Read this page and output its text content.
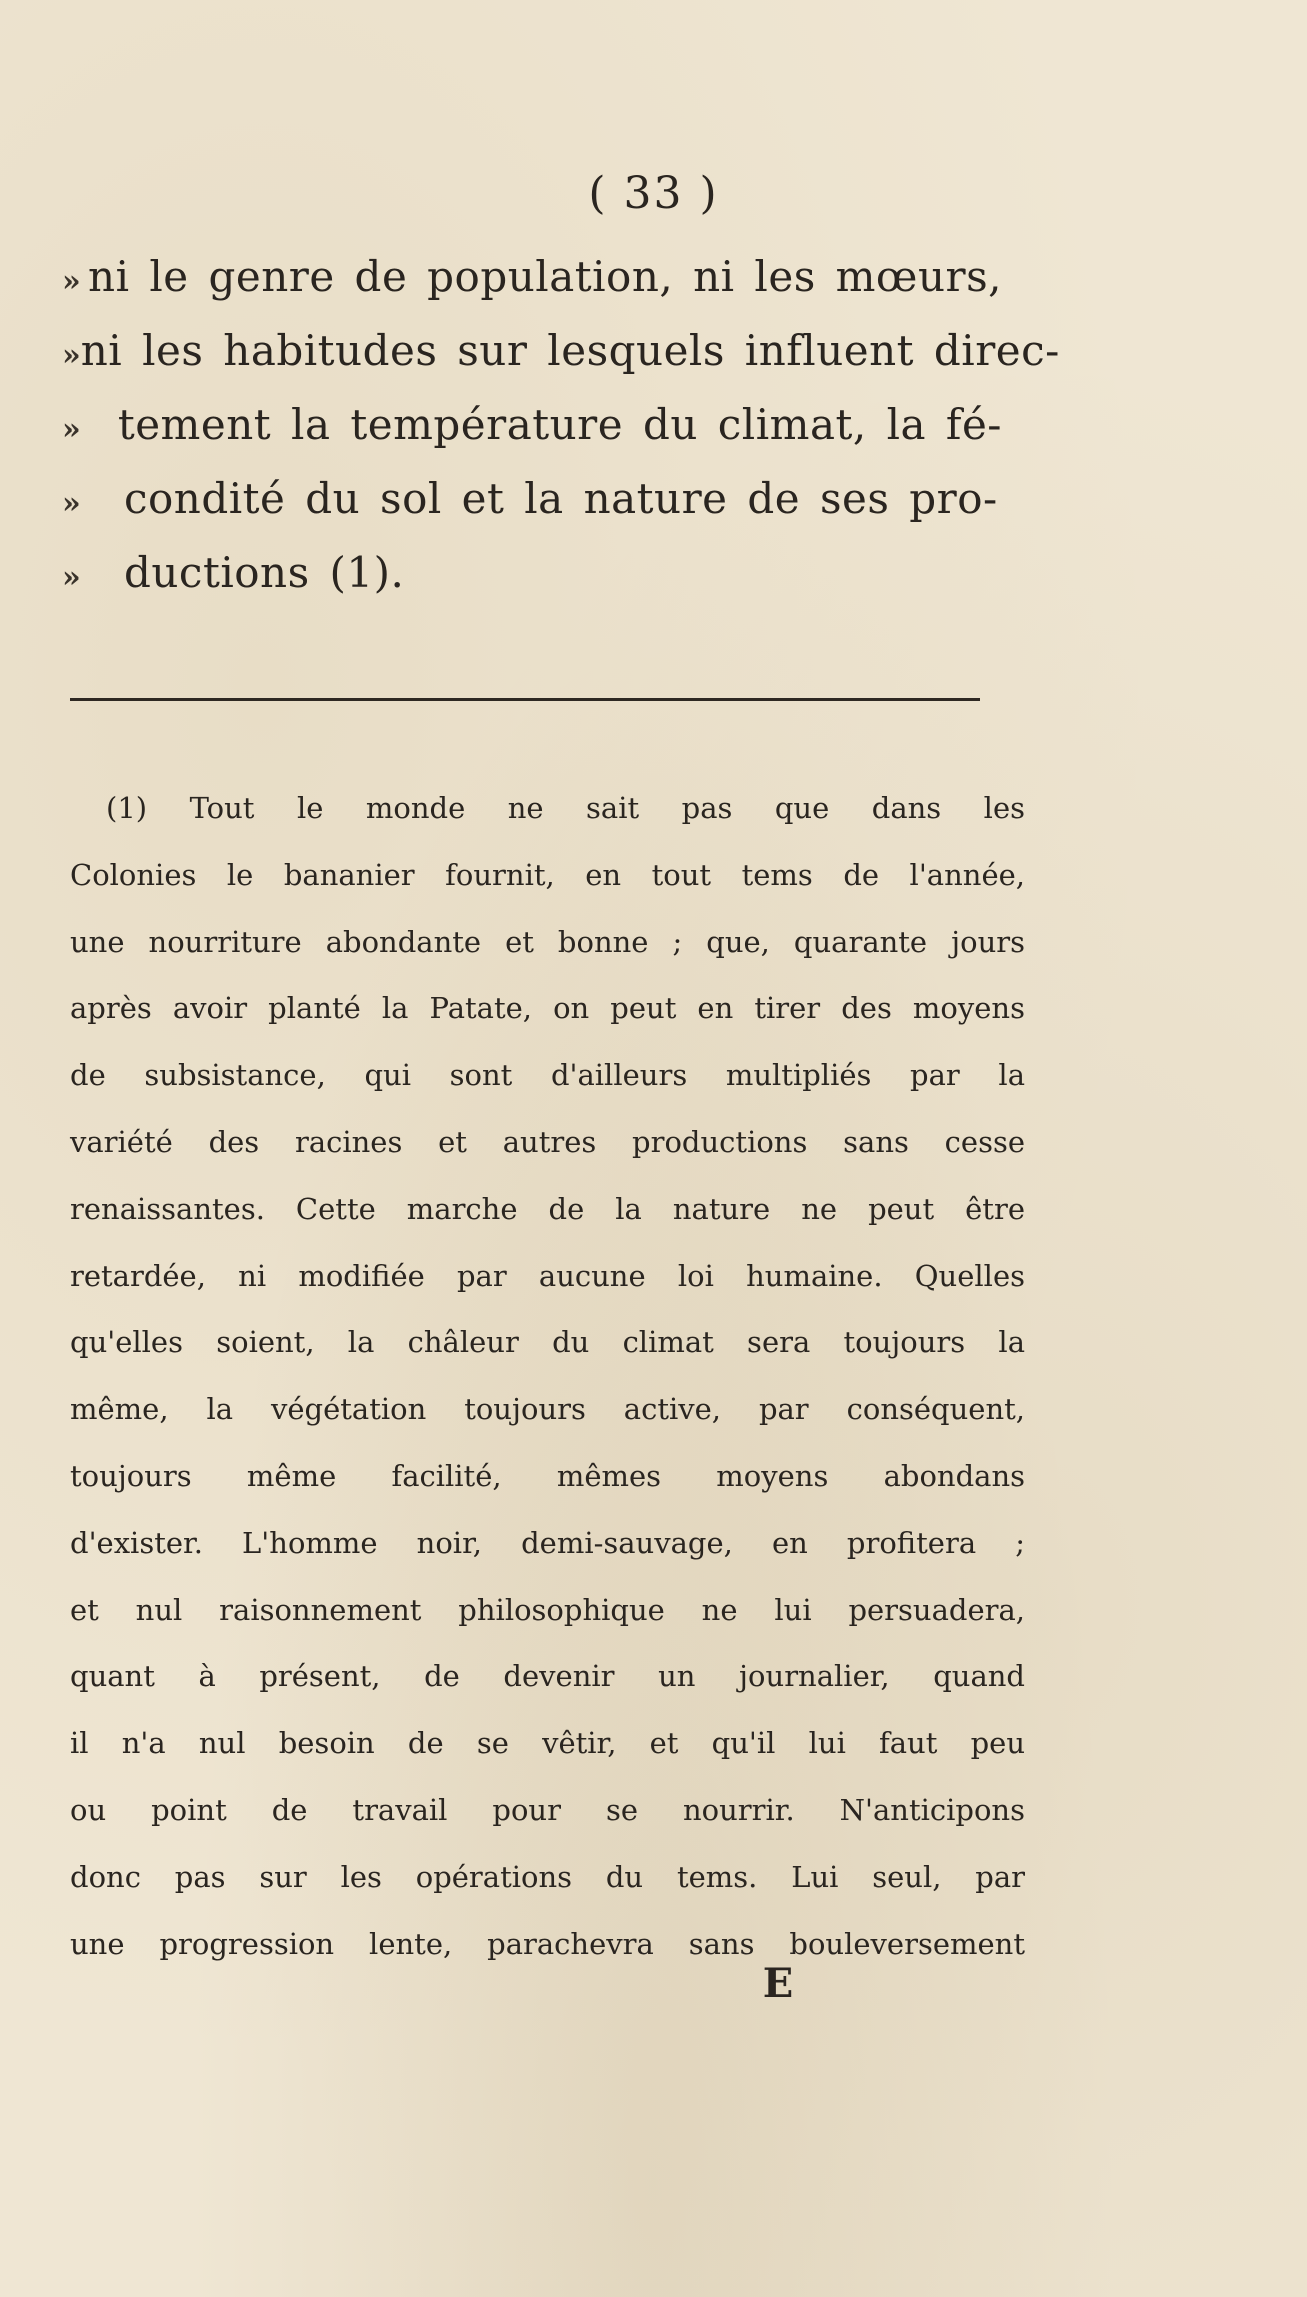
( 33 )
» ni le genre de population, ni les mœurs,
» ni les habitudes sur lesquels influent direc-
» tement la température du climat, la fé-
»	condité du sol et la nature de ses pro-
»	ductions (1).
(1) Tout le monde ne sait pas que dans les
Colonies le bananier fournit, en tout tems de l'année,
une nourriture abondante et bonne ; que, quarante jours
après avoir planté la Patate, on peut en tirer des moyens
de subsistance, qui sont d'ailleurs multipliés par la
variété des racines et autres productions sans cesse
renaissantes. Cette marche de la nature ne peut être
retardée, ni modifiée par aucune loi humaine. Quelles
qu'elles soient, la châleur du climat sera toujours la
même, la végétation toujours active, par conséquent,
toujours même facilité, mêmes moyens abondans
d'exister. L'homme noir, demi-sauvage, en profitera ;
et nul raisonnement philosophique ne lui persuadera,
quant à présent, de devenir un journalier, quand
il n'a nul besoin de se vêtir, et qu'il lui faut peu
ou point de travail pour se nourrir. N'anticipons
donc pas sur les opérations du tems. Lui seul, par
une progression lente, parachevra sans bouleversement
E
